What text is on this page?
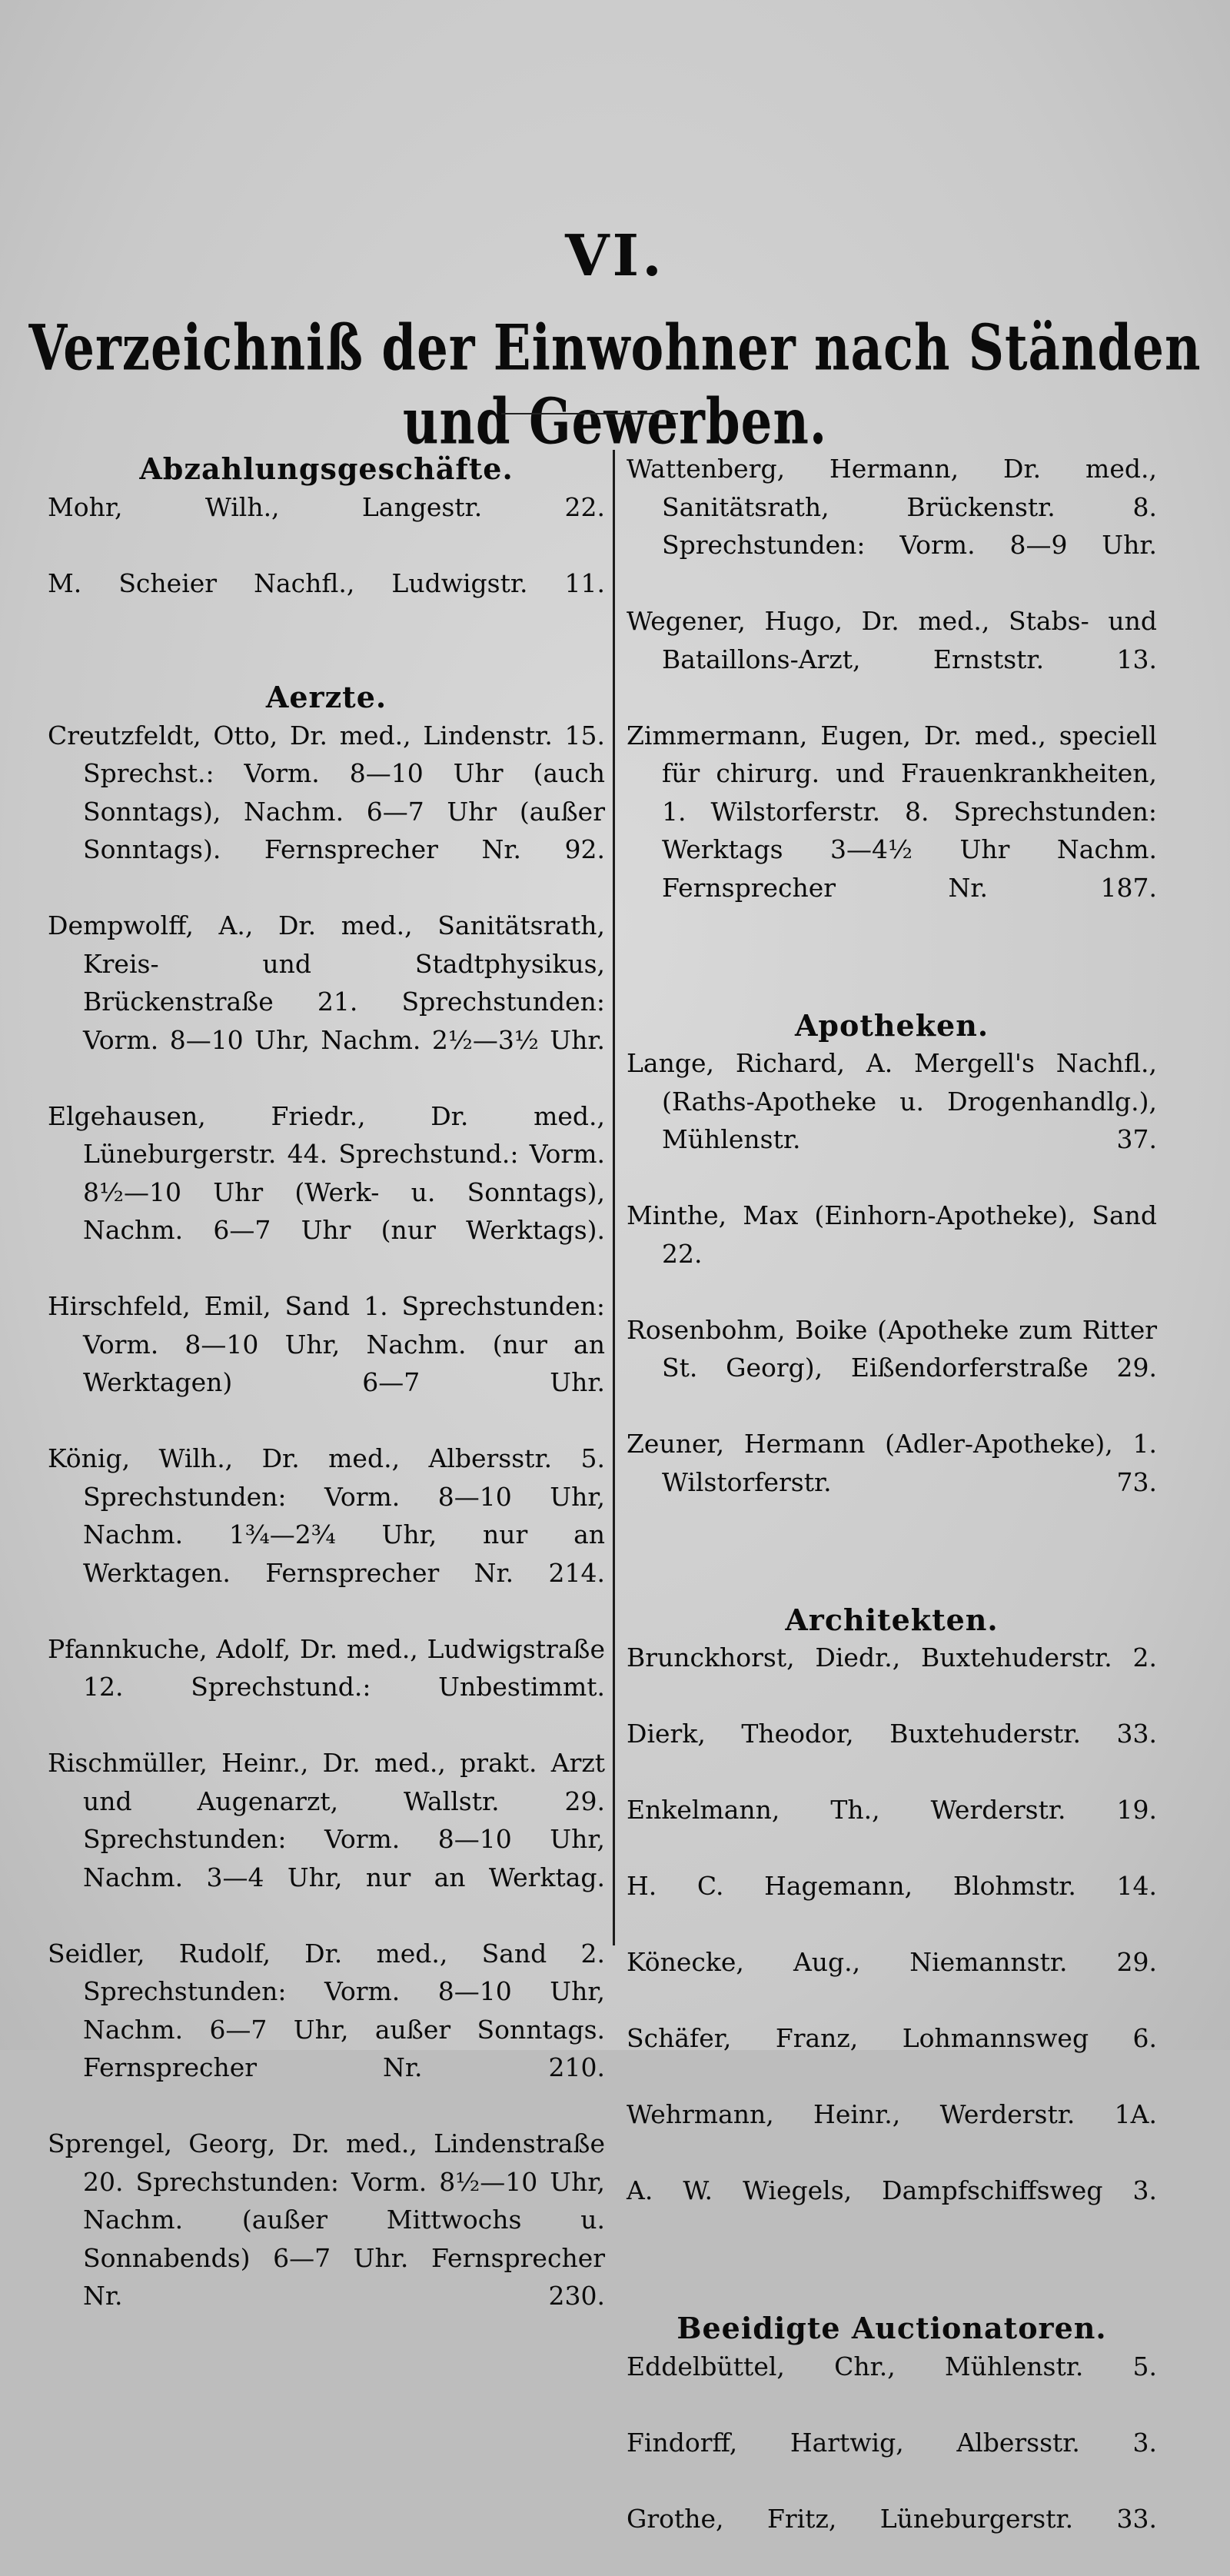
VI.
Verzeichniß der Einwohner nach Ständen und Gewerben.
Abzahlungsgeschäfte.

Mohr, Wilh., Langestr. 22.

M. Scheier Nachfl., Ludwigstr. 11.

Aerzte.

Creutzfeldt, Otto, Dr. med., Lindenstr. 15. Sprechst.: Vorm. 8—10 Uhr (auch Sonntags), Nachm. 6—7 Uhr (außer Sonntags). Fernsprecher Nr. 92.

Dempwolff, A., Dr. med., Sanitätsrath, Kreis- und Stadtphysikus, Brückenstraße 21. Sprechstunden: Vorm. 8—10 Uhr, Nachm. 2½—3½ Uhr.

Elgehausen, Friedr., Dr. med., Lüneburgerstr. 44. Sprechstund.: Vorm. 8½—10 Uhr (Werk- u. Sonntags), Nachm. 6—7 Uhr (nur Werktags).

Hirschfeld, Emil, Sand 1. Sprechstunden: Vorm. 8—10 Uhr, Nachm. (nur an Werktagen) 6—7 Uhr.

König, Wilh., Dr. med., Albersstr. 5. Sprechstunden: Vorm. 8—10 Uhr, Nachm. 1¾—2¾ Uhr, nur an Werktagen. Fernsprecher Nr. 214.

Pfannkuche, Adolf, Dr. med., Ludwigstraße 12. Sprechstund.: Unbestimmt.

Rischmüller, Heinr., Dr. med., prakt. Arzt und Augenarzt, Wallstr. 29. Sprechstunden: Vorm. 8—10 Uhr, Nachm. 3—4 Uhr, nur an Werktag.

Seidler, Rudolf, Dr. med., Sand 2. Sprechstunden: Vorm. 8—10 Uhr, Nachm. 6—7 Uhr, außer Sonntags. Fernsprecher Nr. 210.

Sprengel, Georg, Dr. med., Lindenstraße 20. Sprechstunden: Vorm. 8½—10 Uhr, Nachm. (außer Mittwochs u. Sonnabends) 6—7 Uhr. Fernsprecher Nr. 230.

Wattenberg, Hermann, Dr. med., Sanitätsrath, Brückenstr. 8. Sprechstunden: Vorm. 8—9 Uhr.

Wegener, Hugo, Dr. med., Stabs- und Bataillons-Arzt, Ernststr. 13.

Zimmermann, Eugen, Dr. med., speciell für chirurg. und Frauenkrankheiten, 1. Wilstorferstr. 8. Sprechstunden: Werktags 3—4½ Uhr Nachm. Fernsprecher Nr. 187.

Apotheken.

Lange, Richard, A. Mergell's Nachfl., (Raths-Apotheke u. Drogenhandlg.), Mühlenstr. 37.

Minthe, Max (Einhorn-Apotheke), Sand 22.

Rosenbohm, Boike (Apotheke zum Ritter St. Georg), Eißendorferstraße 29.

Zeuner, Hermann (Adler-Apotheke), 1. Wilstorferstr. 73.

Architekten.

Brunckhorst, Diedr., Buxtehuderstr. 2.

Dierk, Theodor, Buxtehuderstr. 33.

Enkelmann, Th., Werderstr. 19.

H. C. Hagemann, Blohmstr. 14.

Könecke, Aug., Niemannstr. 29.

Schäfer, Franz, Lohmannsweg 6.

Wehrmann, Heinr., Werderstr. 1A.

A. W. Wiegels, Dampfschiffsweg 3.

Beeidigte Auctionatoren.

Eddelbüttel, Chr., Mühlenstr. 5.

Findorff, Hartwig, Albersstr. 3.

Grothe, Fritz, Lüneburgerstr. 33.
